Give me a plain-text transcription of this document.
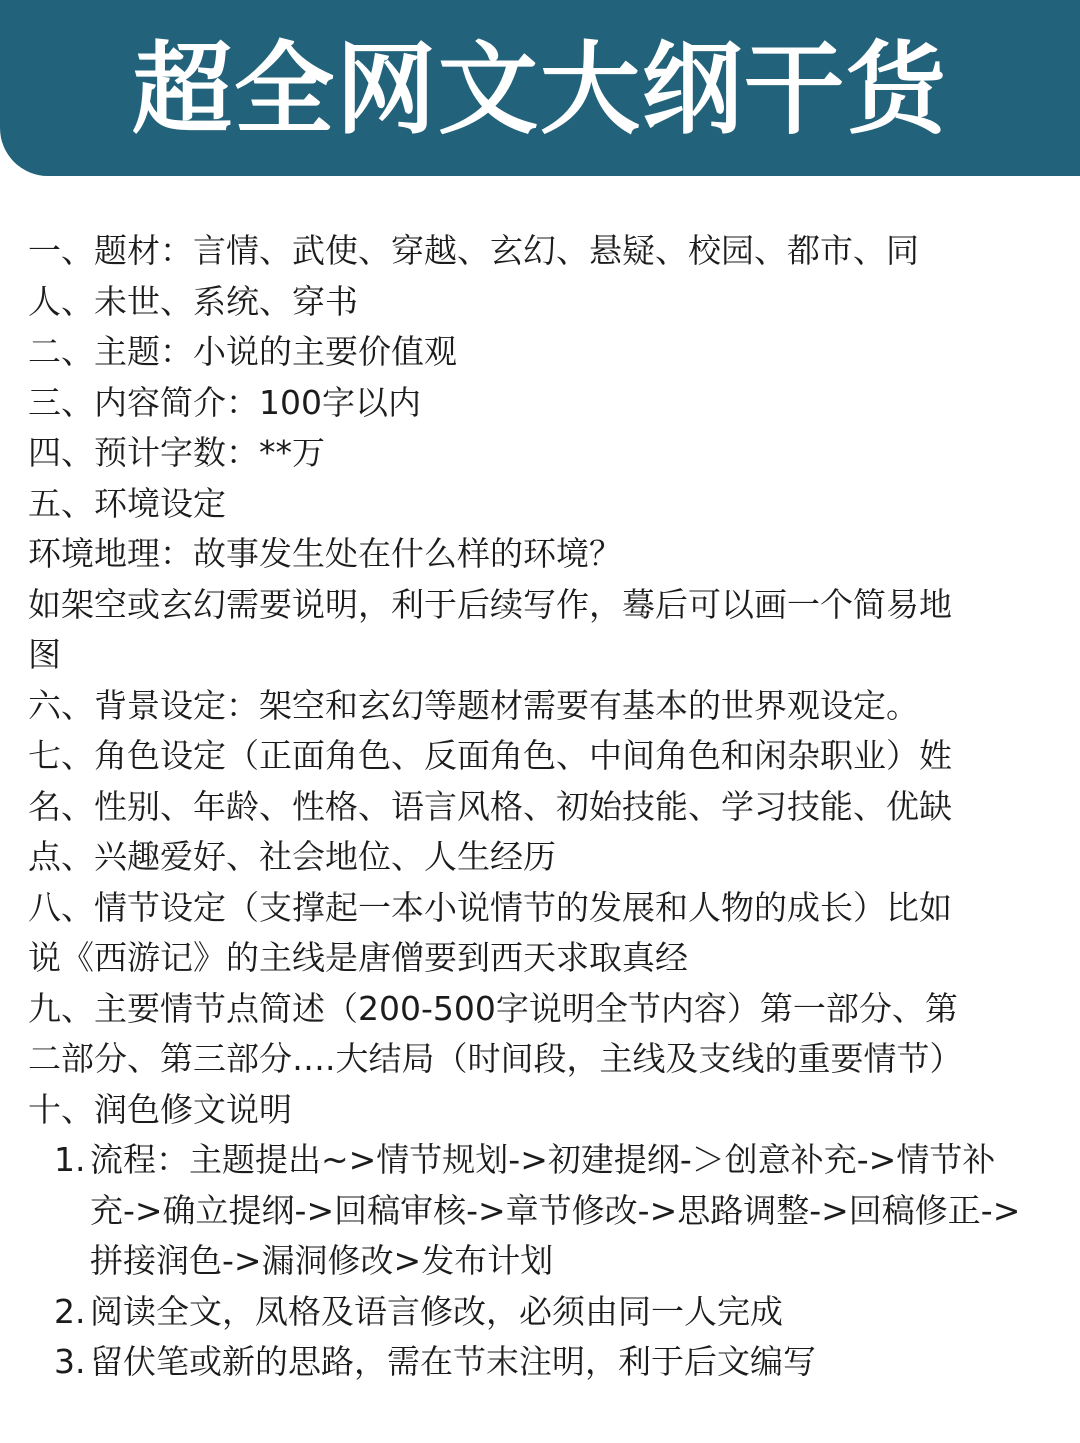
超全网文大纲干货
一、题材：言情、武使、穿越、玄幻、悬疑、校园、都市、同
人、未世、系统、穿书
二、主题：小说的主要价值观
三、内容简介：100字以内
四、预计字数：**万
五、环境设定
环境地理：故事发生处在什么样的环境？
如架空或玄幻需要说明，利于后续写作，蓦后可以画一个简易地
图
六、背景设定：架空和玄幻等题材需要有基本的世界观设定。
七、角色设定（正面角色、反面角色、中间角色和闲杂职业）姓
名、性别、年龄、性格、语言风格、初始技能、学习技能、优缺
点、兴趣爱好、社会地位、人生经历
八、情节设定（支撑起一本小说情节的发展和人物的成长）比如
说《西游记》的主线是唐僧要到西天求取真经
九、主要情节点简述（200-500字说明全节内容）第一部分、第
二部分、第三部分….大结局（时间段，主线及支线的重要情节）
十、润色修文说明
1. 流程：主题提出~>情节规划->初建提纲-＞创意补充->情节补
充->确立提纲->回稿审核->章节修改->思路调整->回稿修正->
拼接润色->漏洞修改>发布计划
2. 阅读全文，凤格及语言修改，必须由同一人完成
3. 留伏笔或新的思路，需在节末注明，利于后文编写
